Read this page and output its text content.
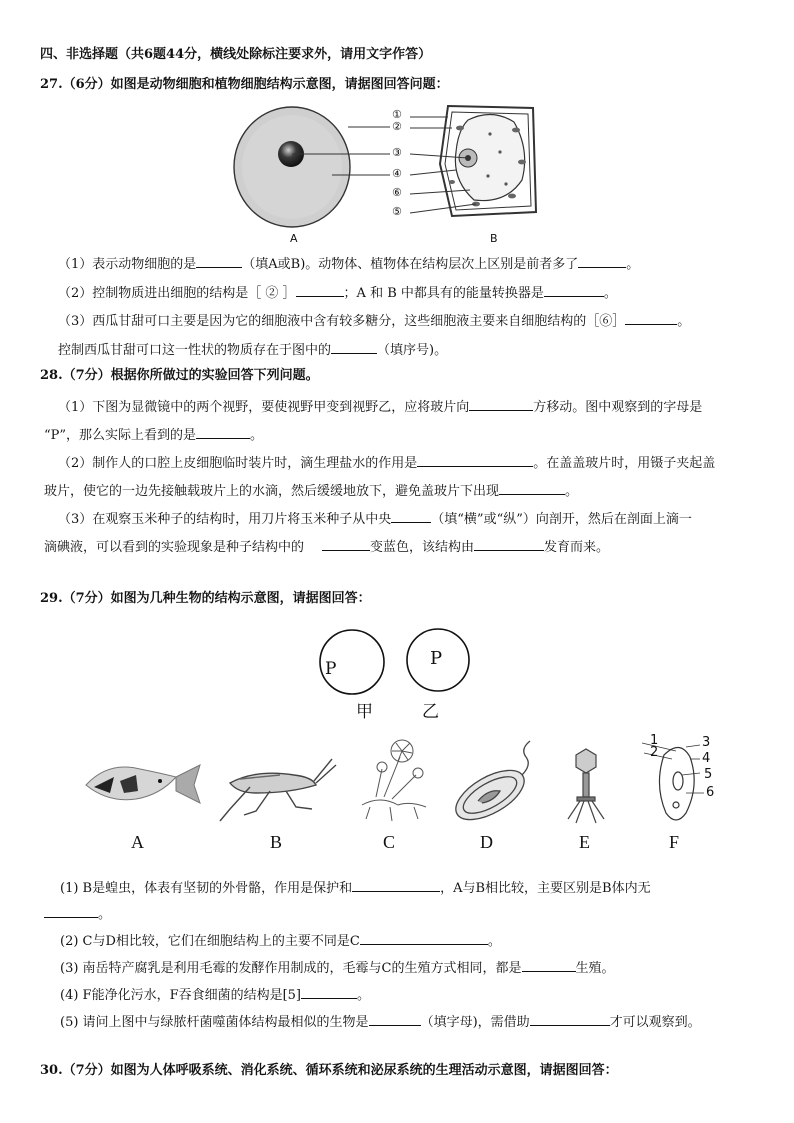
四、非选择题（共6题44分，横线处除标注要求外，请用文字作答）
27.（6分）如图是动物细胞和植物细胞结构示意图，请据图回答问题：
①
②
③
④
⑥
⑤
A	B
（1）表示动物细胞的是	（填A或B)。动物体、植物体在结构层次上区别是前者多了	。
（2）控制物质进出细胞的结构是［ ② ］	；A 和 B 中都具有的能量转换器是	。
（3）西瓜甘甜可口主要是因为它的细胞液中含有较多糖分，这些细胞液主要来自细胞结构的［⑥］	。
控制西瓜甘甜可口这一性状的物质存在于图中的	（填序号)。
28.（7分）根据你所做过的实验回答下列问题。
（1）下图为显微镜中的两个视野，要使视野甲变到视野乙，应将玻片向	方移动。图中观察到的字母是
“P”，那么实际上看到的是	。
（2）制作人的口腔上皮细胞临时装片时，滴生理盐水的作用是	。在盖盖玻片时，用镊子夹起盖
玻片，使它的一边先接触载玻片上的水滴，然后缓缓地放下，避免盖玻片下出现	。
（3）在观察玉米种子的结构时，用刀片将玉米种子从中央	（填“横”或“纵”）向剖开，然后在剖面上滴一
滴碘液，可以看到的实验现象是种子结构中的	变蓝色，该结构由	发育而来。
29.（7分）如图为几种生物的结构示意图，请据图回答：
P	P
甲	乙
1
2
3
4
5
6
A	B	C	D	E	F
(1) B是蝗虫，体表有坚韧的外骨骼，作用是保护和	，A与B相比较，主要区别是B体内无
。
(2) C与D相比较，它们在细胞结构上的主要不同是C	。
(3) 南岳特产腐乳是利用毛霉的发酵作用制成的，毛霉与C的生殖方式相同，都是	生殖。
(4) F能净化污水，F吞食细菌的结构是[5]	。
(5) 请问上图中与绿脓杆菌噬菌体结构最相似的生物是	（填字母)，需借助	才可以观察到。
30.（7分）如图为人体呼吸系统、消化系统、循环系统和泌尿系统的生理活动示意图，请据图回答：
